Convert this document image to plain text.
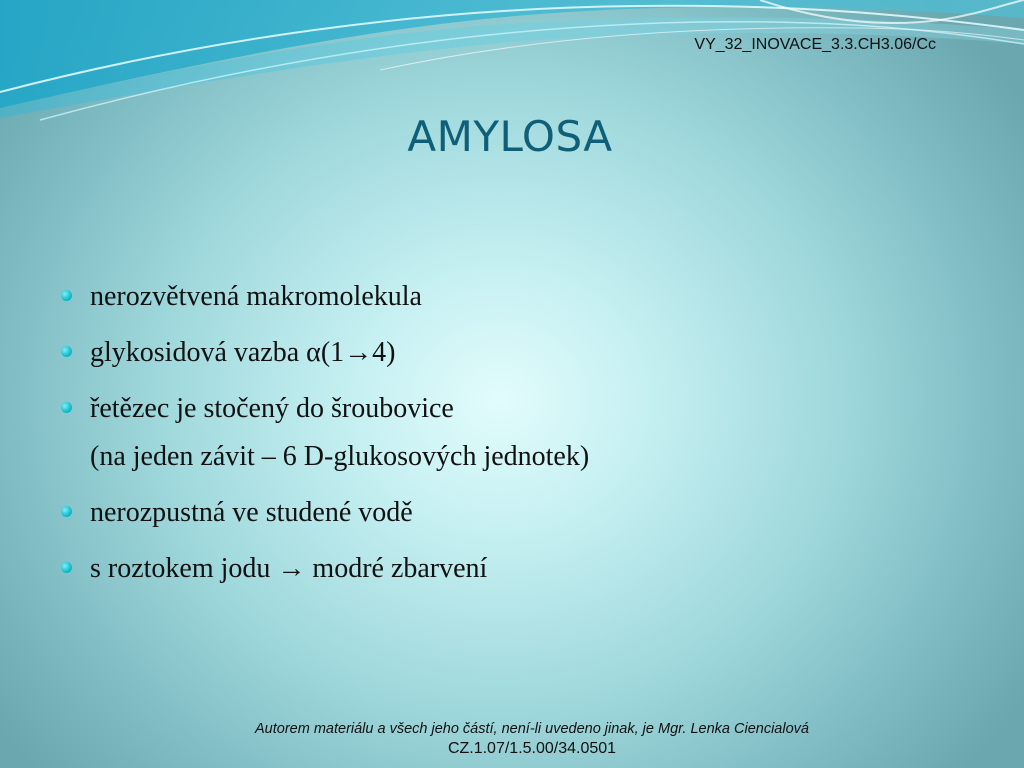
VY_32_INOVACE_3.3.CH3.06/Cc
AMYLOSA
nerozvětvená makromolekula
glykosidová vazba α(1→4)
řetězec je stočený do šroubovice
(na jeden závit – 6 D-glukosových jednotek)
nerozpustná ve studené vodě
s roztokem jodu → modré zbarvení
Autorem materiálu a všech jeho částí, není-li uvedeno jinak, je Mgr. Lenka Ciencialová
CZ.1.07/1.5.00/34.0501
